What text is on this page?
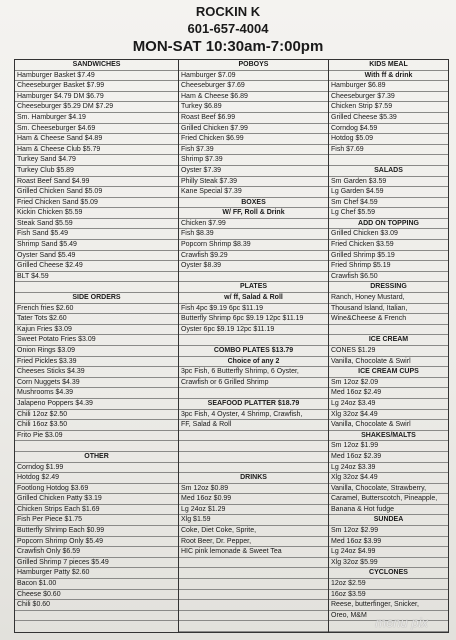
ROCKIN K
601-657-4004
MON-SAT 10:30am-7:00pm
SANDWICHES
Hamburger Basket $7.49
Cheeseburger Basket $7.99
Hamburger $4.79 DM $6.79
Cheeseburger $5.29 DM $7.29
Sm. Hamburger $4.19
Sm. Cheeseburger $4.69
Ham & Cheese Sand $4.89
Ham & Cheese Club $5.79
Turkey Sand $4.79
Turkey Club $5.89
Roast Beef Sand $4.99
Grilled Chicken Sand $5.09
Fried Chicken Sand $5.09
Kickin Chicken $5.59
Steak Sand $5.59
Fish Sand $5.49
Shrimp Sand $5.49
Oyster Sand $5.49
Grilled Cheese $2.49
BLT $4.59
SIDE ORDERS
French fries $2.60
Tater Tots $2.60
Kajun Fries $3.09
Sweet Potato Fries $3.09
Onion Rings $3.09
Fried Pickles $3.39
Cheeses Sticks $4.39
Corn Nuggets $4.39
Mushrooms $4.39
Jalapeno Poppers $4.39
Chili 12oz $2.50
Chili 16oz $3.50
Frito Pie $3.09
OTHER
Corndog $1.99
Hotdog $2.49
Footlong Hotdog $3.69
Grilled Chicken Patty $3.19
Chicken Strips Each $1.69
Fish Per Piece $1.75
Butterfly Shrimp Each $0.99
Popcorn Shrimp Only $5.49
Crawfish Only $6.59
Grilled Shrimp 7 pieces $5.49
Hamburger Patty $2.60
Bacon $1.00
Cheese $0.60
Chili $0.60
POBOYS
Hamburger $7.09
Cheeseburger $7.69
Ham & Cheese $6.89
Turkey $6.89
Roast Beef $6.99
Grilled Chicken $7.99
Fried Chicken $6.99
Fish $7.39
Shrimp $7.39
Oyster $7.39
Philly Steak $7.39
Kane Special $7.39
BOXES
W/ FF, Roll & Drink
Chicken $7.99
Fish $8.39
Popcorn Shrimp $8.39
Crawfish $9.29
Oyster $8.39
PLATES
w/ ff, Salad & Roll
Fish 4pc $9.19 6pc $11.19
Butterfly Shrimp 6pc $9.19 12pc $11.19
Oyster 6pc $9.19 12pc $11.19
COMBO PLATES $13.79
Choice of any 2
3pc Fish, 6 Butterfly Shrimp, 6 Oyster,
Crawfish or 6 Grilled Shrimp
SEAFOOD PLATTER $18.79
3pc Fish, 4 Oyster, 4 Shrimp, Crawfish,
FF, Salad & Roll
DRINKS
Sm 12oz $0.89
Med 16oz $0.99
Lg 24oz $1.29
Xlg $1.59
Coke, Diet Coke, Sprite,
Root Beer, Dr. Pepper,
HIC pink lemonade & Sweet Tea
KIDS MEAL
With ff & drink
Hamburger $6.89
Cheeseburger $7.39
Chicken Strip $7.59
Grilled Cheese $5.39
Corndog $4.59
Hotdog $5.09
Fish $7.69
SALADS
Sm Garden $3.59
Lg Garden $4.59
Sm Chef $4.59
Lg Chef $5.59
ADD ON TOPPING
Grilled Chicken $3.09
Fried Chicken $3.59
Grilled Shrimp $5.19
Fried Shrimp $5.19
Crawfish $6.50
DRESSING
Ranch, Honey Mustard,
Thousand Island, Italian,
Wine&Cheese & French
ICE CREAM
CONES $1.29
Vanilla, Chocolate & Swirl
ICE CREAM CUPS
Sm 12oz $2.09
Med 16oz $2.49
Lg 24oz $3.49
Xlg 32oz $4.49
Vanilla, Chocolate & Swirl
SHAKES/MALTS
Sm 12oz $1.99
Med 16oz $2.39
Lg 24oz $3.39
Xlg 32oz $4.49
Vanilla, Chocolate, Strawberry,
Caramel, Butterscotch, Pineapple,
Banana & Hot fudge
SUNDEA
Sm 12oz $2.99
Med 16oz $3.99
Lg 24oz $4.99
Xlg 32oz $5.99
CYCLONES
12oz $2.59
16oz $3.59
Reese, butterfinger, Snicker,
Oreo, M&M menu pix
